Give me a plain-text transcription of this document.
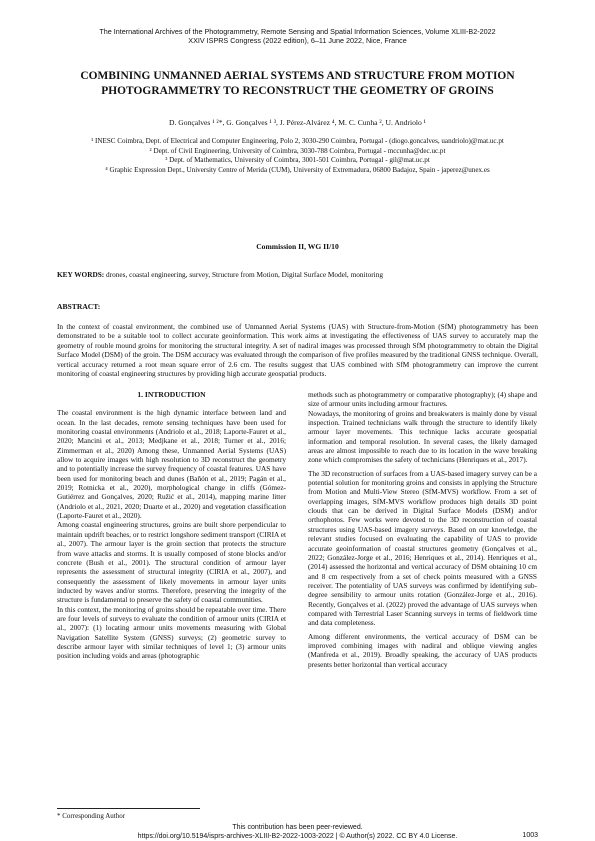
The International Archives of the Photogrammetry, Remote Sensing and Spatial Information Sciences, Volume XLIII-B2-2022
XXIV ISPRS Congress (2022 edition), 6–11 June 2022, Nice, France
COMBINING UNMANNED AERIAL SYSTEMS AND STRUCTURE FROM MOTION
PHOTOGRAMMETRY TO RECONSTRUCT THE GEOMETRY OF GROINS
D. Gonçalves ¹ ²*, G. Gonçalves ¹ ³, J. Pérez-Alvárez ⁴, M. C. Cunha ², U. Andriolo ¹
¹ INESC Coimbra, Dept. of Electrical and Computer Engineering, Polo 2, 3030-290 Coimbra, Portugal - (diogo.goncalves, uandriolo)@mat.uc.pt
² Dept. of Civil Engineering, University of Coimbra, 3030-788 Coimbra, Portugal - mccunha@dec.uc.pt
³ Dept. of Mathematics, University of Coimbra, 3001-501 Coimbra, Portugal - gil@mat.uc.pt
⁴ Graphic Expression Dept., University Centre of Merida (CUM), University of Extremadura, 06800 Badajoz, Spain - japerez@unex.es
Commission II, WG II/10
KEY WORDS: drones, coastal engineering, survey, Structure from Motion, Digital Surface Model, monitoring
ABSTRACT:
In the context of coastal environment, the combined use of Unmanned Aerial Systems (UAS) with Structure-from-Motion (SfM) photogrammetry has been demonstrated to be a suitable tool to collect accurate geoinformation. This work aims at investigating the effectiveness of UAS survey to accurately map the geometry of rouble mound groins for monitoring the structural integrity. A set of nadiral images was processed through SfM photogrammetry to obtain the Digital Surface Model (DSM) of the groin. The DSM accuracy was evaluated through the comparison of five profiles measured by the traditional GNSS technique. Overall, vertical accuracy returned a root mean square error of 2.6 cm. The results suggest that UAS combined with SfM photogrammetry can improve the current monitoring of coastal engineering structures by providing high accurate geospatial products.
1. INTRODUCTION

The coastal environment is the high dynamic interface between land and ocean. In the last decades, remote sensing techniques have been used for monitoring coastal environments (Andriolo et al., 2018; Laporte-Fauret et al., 2020; Mancini et al., 2013; Medjkane et al., 2018; Turner et al., 2016; Zimmerman et al., 2020) Among these, Unmanned Aerial Systems (UAS) allow to acquire images with high resolution to 3D reconstruct the geometry and to potentially increase the survey frequency of coastal features. UAS have been used for monitoring beach and dunes (Bañón et al., 2019; Pagán et al., 2019; Rotnicka et al., 2020), morphological change in cliffs (Gómez-Gutiérrez and Gonçalves, 2020; Ružić et al., 2014), mapping marine litter (Andriolo et al., 2021, 2020; Duarte et al., 2020) and vegetation classification (Laporte-Fauret et al., 2020).

Among coastal engineering structures, groins are built shore perpendicular to maintain updrift beaches, or to restrict longshore sediment transport (CIRIA et al., 2007). The armour layer is the groin section that protects the structure from wave attacks and storms. It is usually composed of stone blocks and/or concrete (Bush et al., 2001). The structural condition of armour layer represents the assessment of structural integrity (CIRIA et al., 2007), and consequently the assessment of likely movements in armour layer units inducted by waves and/or storms. Therefore, preserving the integrity of the structure is fundamental to preserve the safety of coastal communities.

In this context, the monitoring of groins should be repeatable over time. There are four levels of surveys to evaluate the condition of armour units (CIRIA et al., 2007): (1) locating armour units movements measuring with Global Navigation Satellite System (GNSS) surveys; (2) geometric survey to describe armour layer with similar techniques of level 1; (3) armour units position including voids and areas (photographic

methods such as photogrammetry or comparative photography); (4) shape and size of armour units including armour fractures.

Nowadays, the monitoring of groins and breakwaters is mainly done by visual inspection. Trained technicians walk through the structure to identify likely armour layer movements. This technique lacks accurate geospatial information and temporal resolution. In several cases, the likely damaged areas are almost impossible to reach due to its location in the wave breaking zone which compromises the safety of technicians (Henriques et al., 2017).

The 3D reconstruction of surfaces from a UAS-based imagery survey can be a potential solution for monitoring groins and consists in applying the Structure from Motion and Multi-View Stereo (SfM-MVS) workflow. From a set of overlapping images, SfM-MVS workflow produces high details 3D point clouds that can be derived in Digital Surface Models (DSM) and/or orthophotos. Few works were devoted to the 3D reconstruction of coastal structures using UAS-based imagery surveys. Based on our knowledge, the relevant studies focused on evaluating the capability of UAS to provide accurate geoinformation of coastal structures geometry (Gonçalves et al., 2022; González-Jorge et al., 2016; Henriques et al., 2014). Henriques et al., (2014) assessed the horizontal and vertical accuracy of DSM obtaining 10 cm and 8 cm respectively from a set of check points measured with a GNSS receiver. The potentiality of UAS surveys was confirmed by identifying sub-degree sensibility to armour units rotation (González-Jorge et al., 2016). Recently, Gonçalves et al. (2022) proved the advantage of UAS surveys when compared with Terrestrial Laser Scanning surveys in terms of fieldwork time and data completeness.

Among different environments, the vertical accuracy of DSM can be improved combining images with nadiral and oblique viewing angles (Manfreda et al., 2019). Broadly speaking, the accuracy of UAS products presents better horizontal than vertical accuracy

* Corresponding Author
This contribution has been peer-reviewed.
https://doi.org/10.5194/isprs-archives-XLIII-B2-2022-1003-2022 | © Author(s) 2022. CC BY 4.0 License.	1003
